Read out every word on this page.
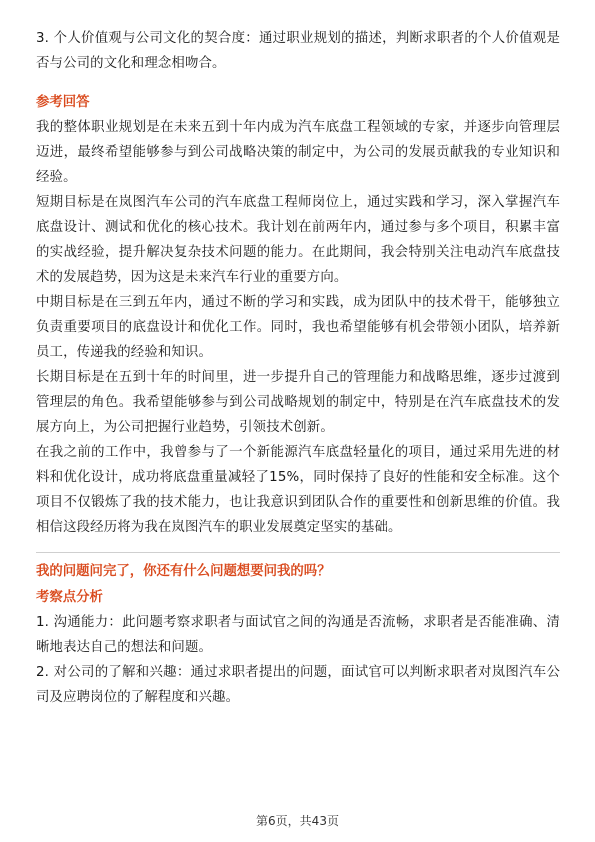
3. 个人价值观与公司文化的契合度：通过职业规划的描述，判断求职者的个人价值观是否与公司的文化和理念相吻合。

参考回答

我的整体职业规划是在未来五到十年内成为汽车底盘工程领域的专家，并逐步向管理层迈进，最终希望能够参与到公司战略决策的制定中，为公司的发展贡献我的专业知识和经验。

短期目标是在岚图汽车公司的汽车底盘工程师岗位上，通过实践和学习，深入掌握汽车底盘设计、测试和优化的核心技术。我计划在前两年内，通过参与多个项目，积累丰富的实战经验，提升解决复杂技术问题的能力。在此期间，我会特别关注电动汽车底盘技术的发展趋势，因为这是未来汽车行业的重要方向。

中期目标是在三到五年内，通过不断的学习和实践，成为团队中的技术骨干，能够独立负责重要项目的底盘设计和优化工作。同时，我也希望能够有机会带领小团队，培养新员工，传递我的经验和知识。

长期目标是在五到十年的时间里，进一步提升自己的管理能力和战略思维，逐步过渡到管理层的角色。我希望能够参与到公司战略规划的制定中，特别是在汽车底盘技术的发展方向上，为公司把握行业趋势，引领技术创新。

在我之前的工作中，我曾参与了一个新能源汽车底盘轻量化的项目，通过采用先进的材料和优化设计，成功将底盘重量减轻了15%，同时保持了良好的性能和安全标准。这个项目不仅锻炼了我的技术能力，也让我意识到团队合作的重要性和创新思维的价值。我相信这段经历将为我在岚图汽车的职业发展奠定坚实的基础。

我的问题问完了，你还有什么问题想要问我的吗？

考察点分析

1. 沟通能力：此问题考察求职者与面试官之间的沟通是否流畅，求职者是否能准确、清晰地表达自己的想法和问题。

2. 对公司的了解和兴趣：通过求职者提出的问题，面试官可以判断求职者对岚图汽车公司及应聘岗位的了解程度和兴趣。

第6页，共43页
